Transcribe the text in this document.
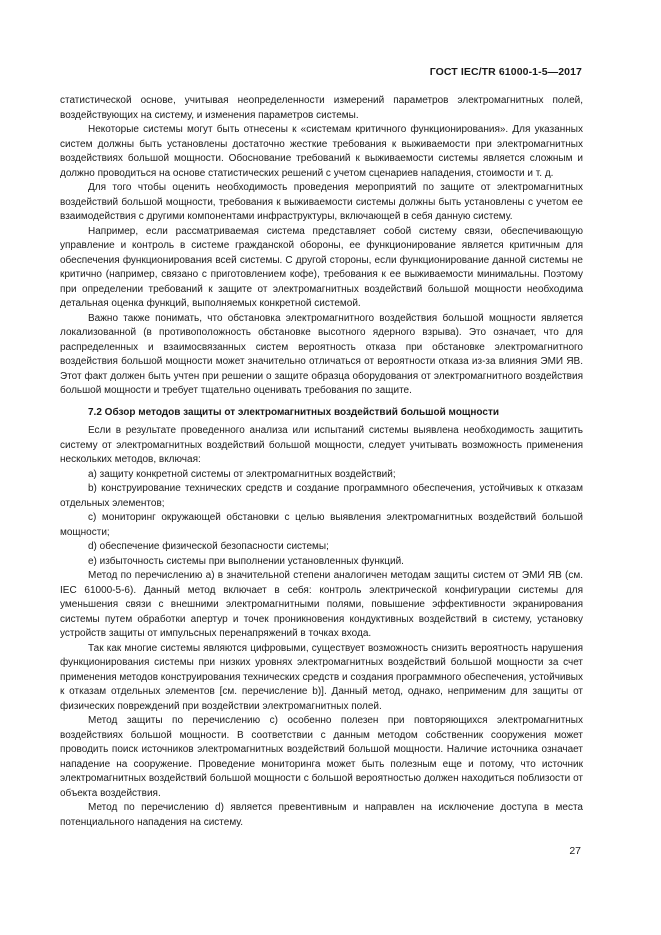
ГОСТ IEC/TR 61000-1-5—2017

статистической основе, учитывая неопределенности измерений параметров электромагнитных полей, воздействующих на систему, и изменения параметров системы.

Некоторые системы могут быть отнесены к «системам критичного функционирования». Для указанных систем должны быть установлены достаточно жесткие требования к выживаемости при электромагнитных воздействиях большой мощности. Обоснование требований к выживаемости системы является сложным и должно проводиться на основе статистических решений с учетом сценариев нападения, стоимости и т. д.

Для того чтобы оценить необходимость проведения мероприятий по защите от электромагнитных воздействий большой мощности, требования к выживаемости системы должны быть установлены с учетом ее взаимодействия с другими компонентами инфраструктуры, включающей в себя данную систему.

Например, если рассматриваемая система представляет собой систему связи, обеспечивающую управление и контроль в системе гражданской обороны, ее функционирование является критичным для обеспечения функционирования всей системы. С другой стороны, если функционирование данной системы не критично (например, связано с приготовлением кофе), требования к ее выживаемости минимальны. Поэтому при определении требований к защите от электромагнитных воздействий большой мощности необходима детальная оценка функций, выполняемых конкретной системой.

Важно также понимать, что обстановка электромагнитного воздействия большой мощности является локализованной (в противоположность обстановке высотного ядерного взрыва). Это означает, что для распределенных и взаимосвязанных систем вероятность отказа при обстановке электромагнитного воздействия большой мощности может значительно отличаться от вероятности отказа из-за влияния ЭМИ ЯВ. Этот факт должен быть учтен при решении о защите образца оборудования от электромагнитного воздействия большой мощности и требует тщательно оценивать требования по защите.

7.2 Обзор методов защиты от электромагнитных воздействий большой мощности

Если в результате проведенного анализа или испытаний системы выявлена необходимость защитить систему от электромагнитных воздействий большой мощности, следует учитывать возможность применения нескольких методов, включая:

a) защиту конкретной системы от электромагнитных воздействий;

b) конструирование технических средств и создание программного обеспечения, устойчивых к отказам отдельных элементов;

c) мониторинг окружающей обстановки с целью выявления электромагнитных воздействий большой мощности;

d) обеспечение физической безопасности системы;

e) избыточность системы при выполнении установленных функций.

Метод по перечислению a) в значительной степени аналогичен методам защиты систем от ЭМИ ЯВ (см. IEC 61000-5-6). Данный метод включает в себя: контроль электрической конфигурации системы для уменьшения связи с внешними электромагнитными полями, повышение эффективности экранирования системы путем обработки апертур и точек проникновения кондуктивных воздействий в систему, установку устройств защиты от импульсных перенапряжений в точках входа.

Так как многие системы являются цифровыми, существует возможность снизить вероятность нарушения функционирования системы при низких уровнях электромагнитных воздействий большой мощности за счет применения методов конструирования технических средств и создания программного обеспечения, устойчивых к отказам отдельных элементов [см. перечисление b)]. Данный метод, однако, неприменим для защиты от физических повреждений при воздействии электромагнитных полей.

Метод защиты по перечислению c) особенно полезен при повторяющихся электромагнитных воздействиях большой мощности. В соответствии с данным методом собственник сооружения может проводить поиск источников электромагнитных воздействий большой мощности. Наличие источника означает нападение на сооружение. Проведение мониторинга может быть полезным еще и потому, что источник электромагнитных воздействий большой мощности с большой вероятностью должен находиться поблизости от объекта воздействия.

Метод по перечислению d) является превентивным и направлен на исключение доступа в места потенциального нападения на систему.

27
